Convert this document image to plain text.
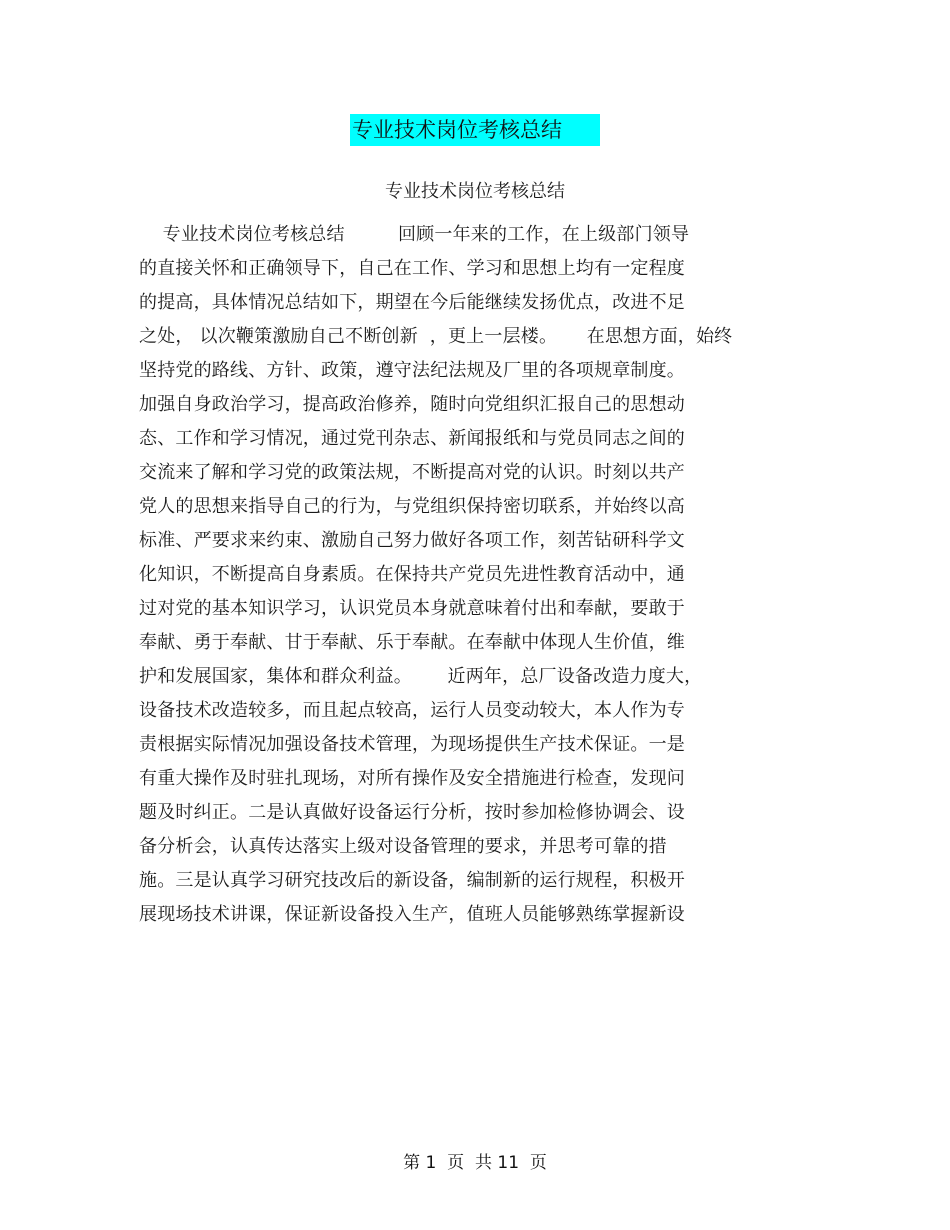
专业技术岗位考核总结
专业技术岗位考核总结
专业技术岗位考核总结         回顾一年来的工作，在上级部门领导
的直接关怀和正确领导下，自己在工作、学习和思想上均有一定程度
的提高，具体情况总结如下，期望在今后能继续发扬优点，改进不足
之处， 以次鞭策激励自己不断创新  ，更上一层楼。     在思想方面，始终
坚持党的路线、方针、政策，遵守法纪法规及厂里的各项规章制度。
加强自身政治学习，提高政治修养，随时向党组织汇报自己的思想动
态、工作和学习情况，通过党刊杂志、新闻报纸和与党员同志之间的
交流来了解和学习党的政策法规，不断提高对党的认识。时刻以共产
党人的思想来指导自己的行为，与党组织保持密切联系，并始终以高
标准、严要求来约束、激励自己努力做好各项工作，刻苦钻研科学文
化知识，不断提高自身素质。在保持共产党员先进性教育活动中，通
过对党的基本知识学习，认识党员本身就意味着付出和奉献，要敢于
奉献、勇于奉献、甘于奉献、乐于奉献。在奉献中体现人生价值，维
护和发展国家，集体和群众利益。      近两年，总厂设备改造力度大，
设备技术改造较多，而且起点较高，运行人员变动较大，本人作为专
责根据实际情况加强设备技术管理，为现场提供生产技术保证。一是
有重大操作及时驻扎现场，对所有操作及安全措施进行检查，发现问
题及时纠正。二是认真做好设备运行分析，按时参加检修协调会、设
备分析会，认真传达落实上级对设备管理的要求，并思考可靠的措
施。三是认真学习研究技改后的新设备，编制新的运行规程，积极开
展现场技术讲课，保证新设备投入生产，值班人员能够熟练掌握新设
第 1  页  共 11  页
